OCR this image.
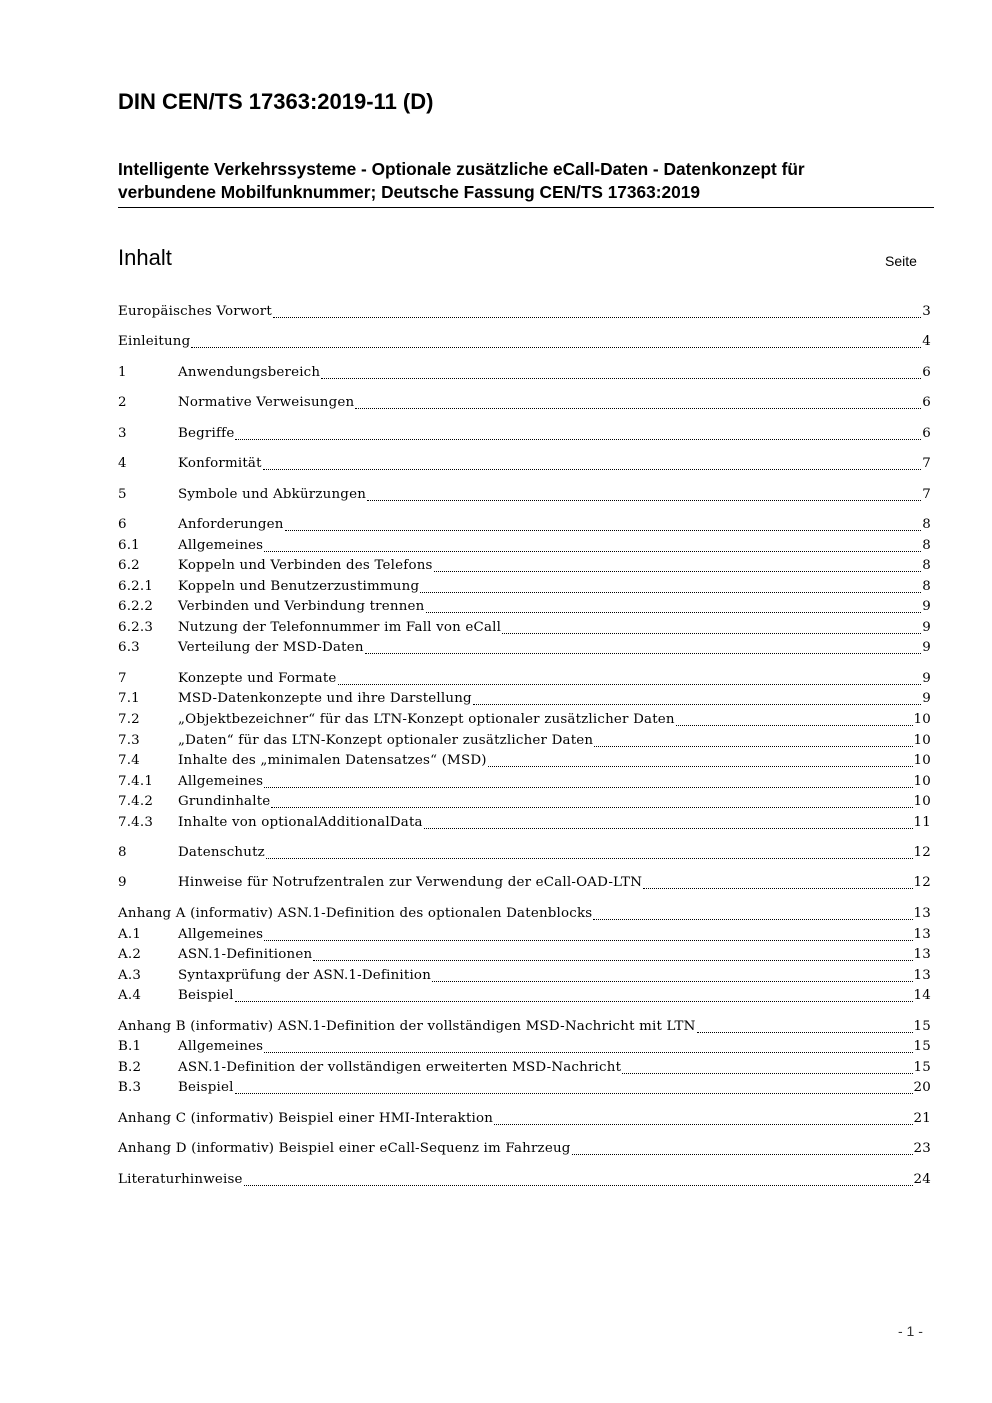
DIN CEN/TS 17363:2019-11 (D)
Intelligente Verkehrssysteme - Optionale zusätzliche eCall-Daten - Datenkonzept für
verbundene Mobilfunknummer; Deutsche Fassung CEN/TS 17363:2019
Inhalt	Seite
Europäisches Vorwort	3
Einleitung	4
1	Anwendungsbereich	6
2	Normative Verweisungen	6
3	Begriffe	6
4	Konformität	7
5	Symbole und Abkürzungen	7
6	Anforderungen	8
6.1	Allgemeines	8
6.2	Koppeln und Verbinden des Telefons	8
6.2.1	Koppeln und Benutzerzustimmung	8
6.2.2	Verbinden und Verbindung trennen	9
6.2.3	Nutzung der Telefonnummer im Fall von eCall	9
6.3	Verteilung der MSD-Daten	9
7	Konzepte und Formate	9
7.1	MSD-Datenkonzepte und ihre Darstellung	9
7.2	„Objektbezeichner“ für das LTN-Konzept optionaler zusätzlicher Daten	10
7.3	„Daten“ für das LTN-Konzept optionaler zusätzlicher Daten	10
7.4	Inhalte des „minimalen Datensatzes“ (MSD)	10
7.4.1	Allgemeines	10
7.4.2	Grundinhalte	10
7.4.3	Inhalte von optionalAdditionalData	11
8	Datenschutz	12
9	Hinweise für Notrufzentralen zur Verwendung der eCall-OAD-LTN	12
Anhang A (informativ) ASN.1-Definition des optionalen Datenblocks	13
A.1	Allgemeines	13
A.2	ASN.1-Definitionen	13
A.3	Syntaxprüfung der ASN.1-Definition	13
A.4	Beispiel	14
Anhang B (informativ) ASN.1-Definition der vollständigen MSD-Nachricht mit LTN	15
B.1	Allgemeines	15
B.2	ASN.1-Definition der vollständigen erweiterten MSD-Nachricht	15
B.3	Beispiel	20
Anhang C (informativ) Beispiel einer HMI-Interaktion	21
Anhang D (informativ) Beispiel einer eCall-Sequenz im Fahrzeug	23
Literaturhinweise	24
- 1 -
